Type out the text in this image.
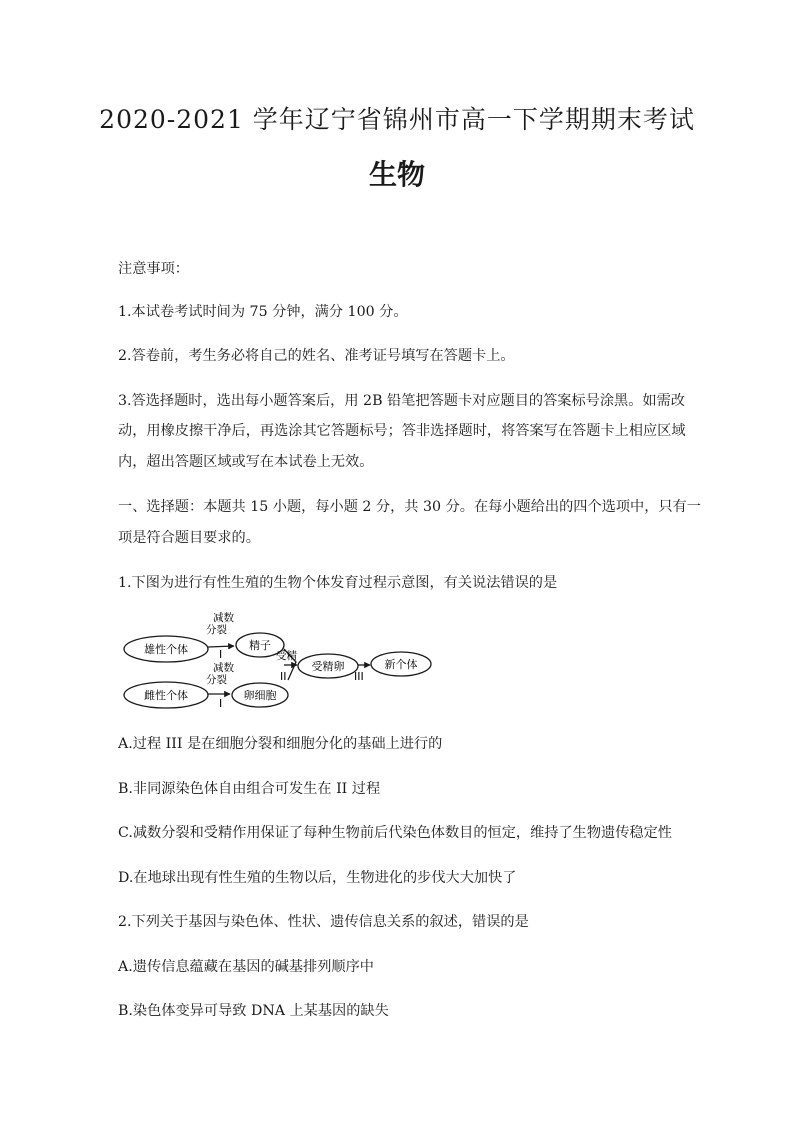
2020-2021 学年辽宁省锦州市高一下学期期末考试
生物
注意事项：
1.本试卷考试时间为 75 分钟，满分 100 分。
2.答卷前，考生务必将自己的姓名、准考证号填写在答题卡上。
3.答选择题时，选出每小题答案后，用 2B 铅笔把答题卡对应题目的答案标号涂黑。如需改
动，用橡皮擦干净后，再选涂其它答题标号；答非选择题时，将答案写在答题卡上相应区域
内，超出答题区域或写在本试卷上无效。
一、选择题：本题共 15 小题，每小题 2 分，共 30 分。在每小题给出的四个选项中，只有一
项是符合题目要求的。
1.下图为进行有性生殖的生物个体发育过程示意图，有关说法错误的是
雄性个体
雌性个体
精子
卵细胞
受精卵	新个体
减数
分裂
I
减数
分裂
I
受精
II	III
A.过程 III 是在细胞分裂和细胞分化的基础上进行的
B.非同源染色体自由组合可发生在 II 过程
C.减数分裂和受精作用保证了每种生物前后代染色体数目的恒定，维持了生物遗传稳定性
D.在地球出现有性生殖的生物以后，生物进化的步伐大大加快了
2.下列关于基因与染色体、性状、遗传信息关系的叙述，错误的是
A.遗传信息蕴藏在基因的碱基排列顺序中
B.染色体变异可导致 DNA 上某基因的缺失
